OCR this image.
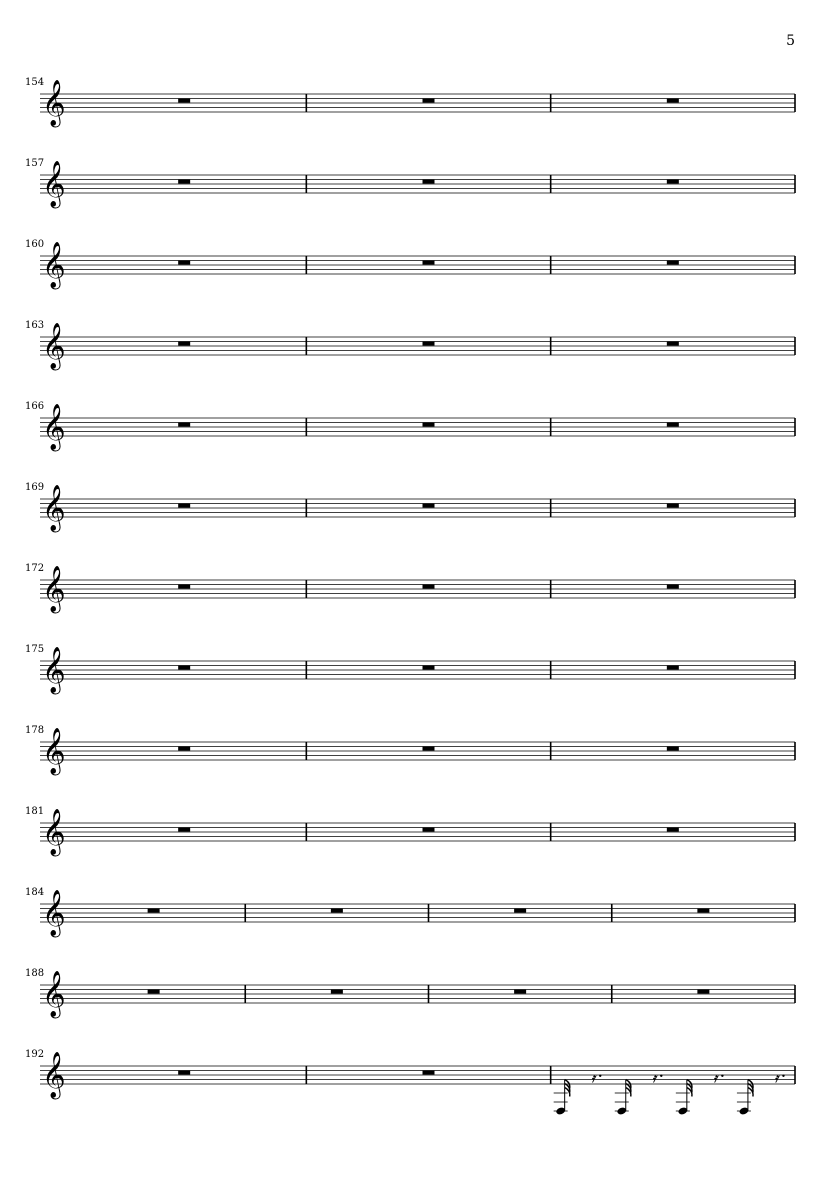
5
154
𝄞
157
𝄞
160
𝄞
163
𝄞
166
𝄞
169
𝄞
172
𝄞
175
𝄞
178
𝄞
181
𝄞
184
𝄞
188
𝄞
192
𝄞	𝄿	𝄿	𝄿	𝄿
